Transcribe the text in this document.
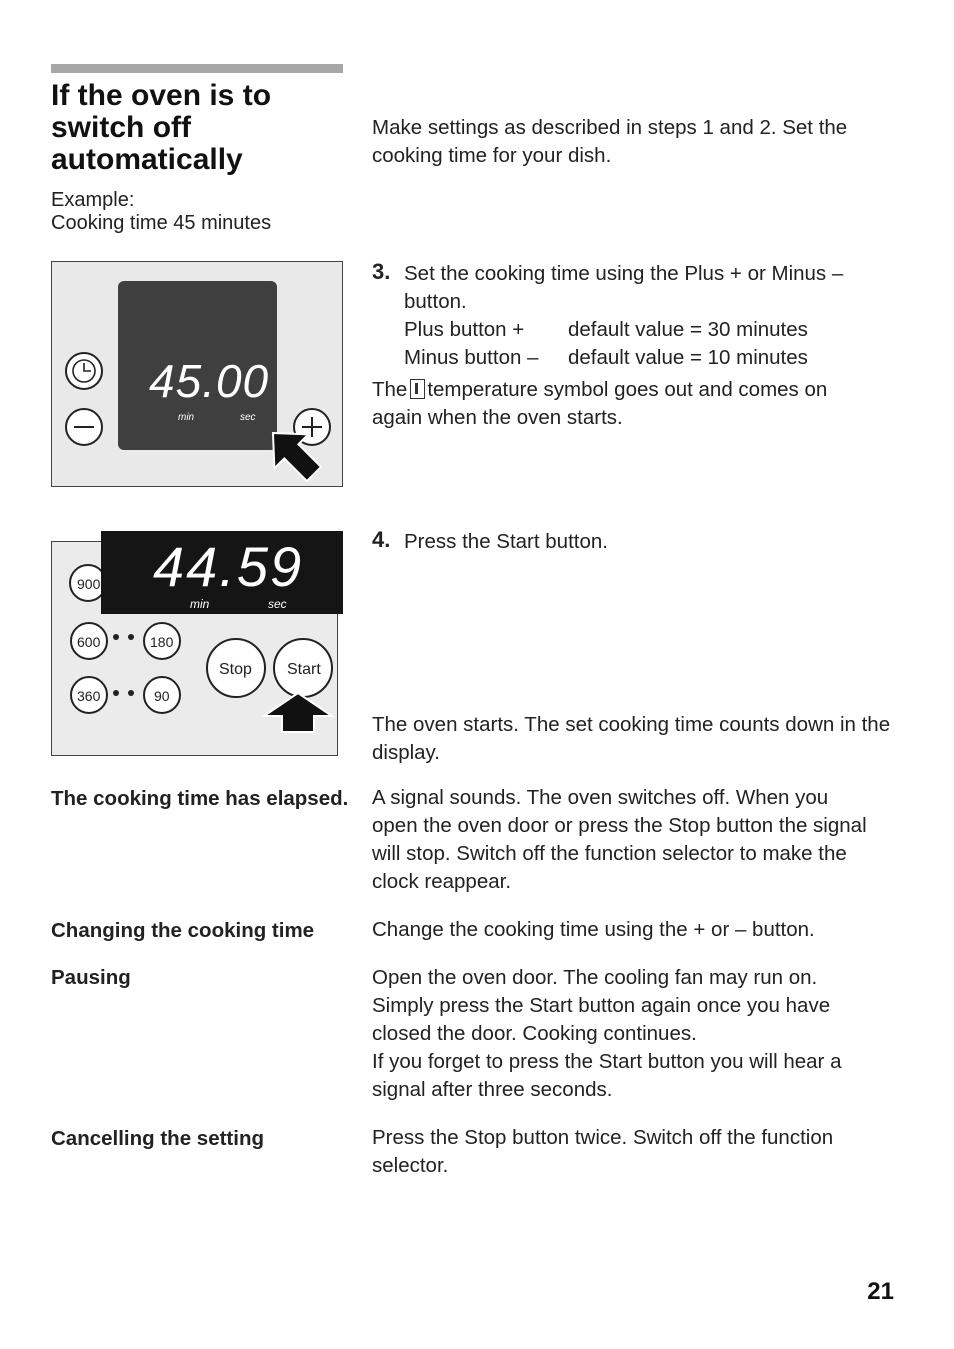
If the oven is to switch off automatically
Example:
Cooking time 45 minutes
Make settings as described in steps 1 and 2. Set the cooking time for your dish.
45.00
min	sec
3. Set the cooking time using the Plus + or Minus –
button.
Plus button +	default value = 30 minutes
Minus button –	default value = 10 minutes
The temperature symbol goes out and comes on
again when the oven starts.
44.59
min	sec
900
600	180
360	90
Stop Start
4. Press the Start button.
The oven starts. The set cooking time counts down in the display.
The cooking time has elapsed. A signal sounds. The oven switches off. When you open the oven door or press the Stop button the signal will stop. Switch off the function selector to make the clock reappear.
Changing the cooking time	Change the cooking time using the + or – button.
Pausing	Open the oven door. The cooling fan may run on. Simply press the Start button again once you have closed the door. Cooking continues.
If you forget to press the Start button you will hear a signal after three seconds.
Cancelling the setting	Press the Stop button twice. Switch off the function selector.
21
